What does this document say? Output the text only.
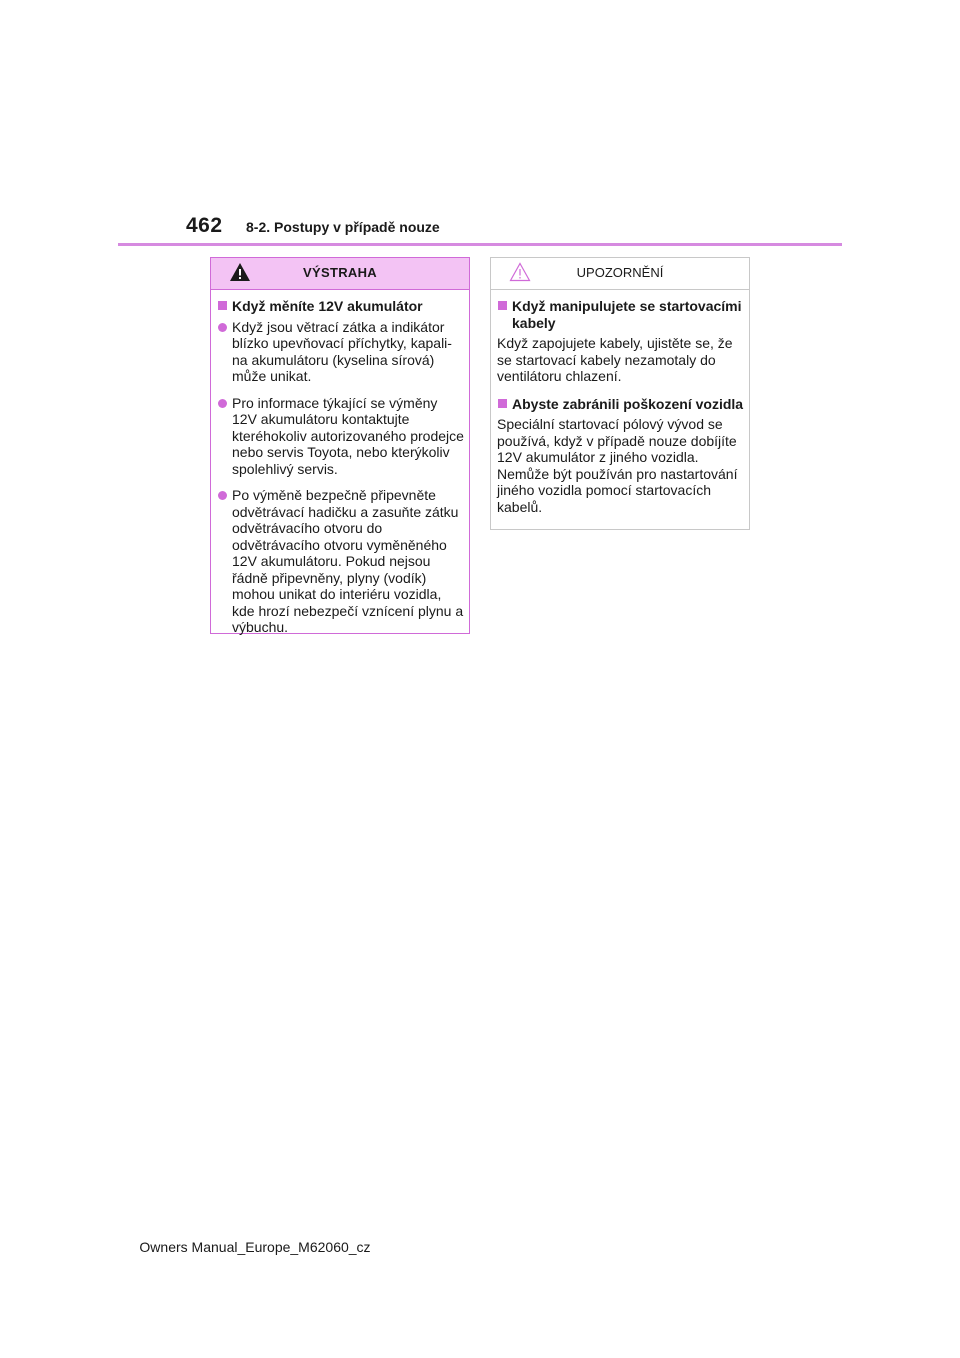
462 8-2. Postupy v případě nouze
VÝSTRAHA
Když měníte 12V akumulátor
Když jsou větrací zátka a indikátor blízko upevňovací příchytky, kapali-na akumulátoru (kyselina sírová) může unikat.
Pro informace týkající se výměny 12V akumulátoru kontaktujte kteréhokoliv autorizovaného prodejce nebo servis Toyota, nebo kterýkoliv spolehlivý servis.
Po výměně bezpečně připevněte odvětrávací hadičku a zasuňte zátku odvětrávacího otvoru do odvětrávacího otvoru vyměněného 12V akumulátoru. Pokud nejsou řádně připevněny, plyny (vodík) mohou unikat do interiéru vozidla, kde hrozí nebezpečí vznícení plynu a výbuchu.
UPOZORNĚNÍ
Když manipulujete se startovacími kabely

Když zapojujete kabely, ujistěte se, že se startovací kabely nezamotaly do ventilátoru chlazení.

Abyste zabránili poškození vozidla

Speciální startovací pólový vývod se používá, když v případě nouze dobíjíte 12V akumulátor z jiného vozidla. Nemůže být používán pro nastartování jiného vozidla pomocí startovacích kabelů.

Owners Manual_Europe_M62060_cz
